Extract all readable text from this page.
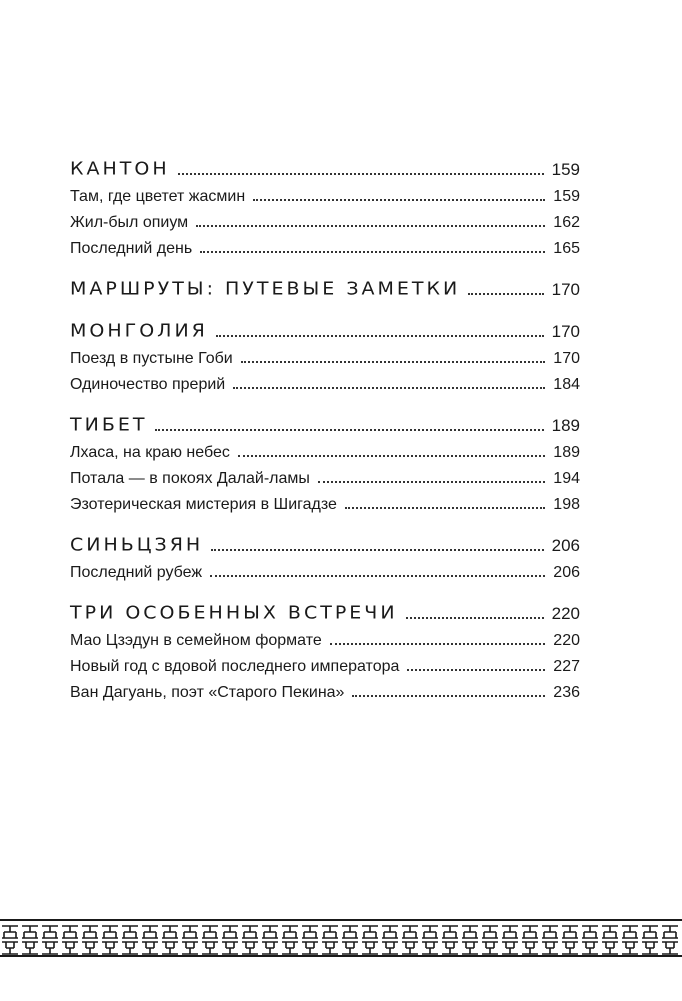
КАНТОН	159
Там, где цветет жасмин	159
Жил-был опиум	162
Последний день	165
МАРШРУТЫ: ПУТЕВЫЕ ЗАМЕТКИ	170
МОНГОЛИЯ	170
Поезд в пустыне Гоби	170
Одиночество прерий	184
ТИБЕТ	189
Лхаса, на краю небес	189
Потала — в покоях Далай-ламы	194
Эзотерическая мистерия в Шигадзе	198
СИНЬЦЗЯН	206
Последний рубеж	206
ТРИ ОСОБЕННЫХ ВСТРЕЧИ	220
Мао Цзэдун в семейном формате	220
Новый год с вдовой последнего императора	227
Ван Дагуань, поэт «Старого Пекина»	236
